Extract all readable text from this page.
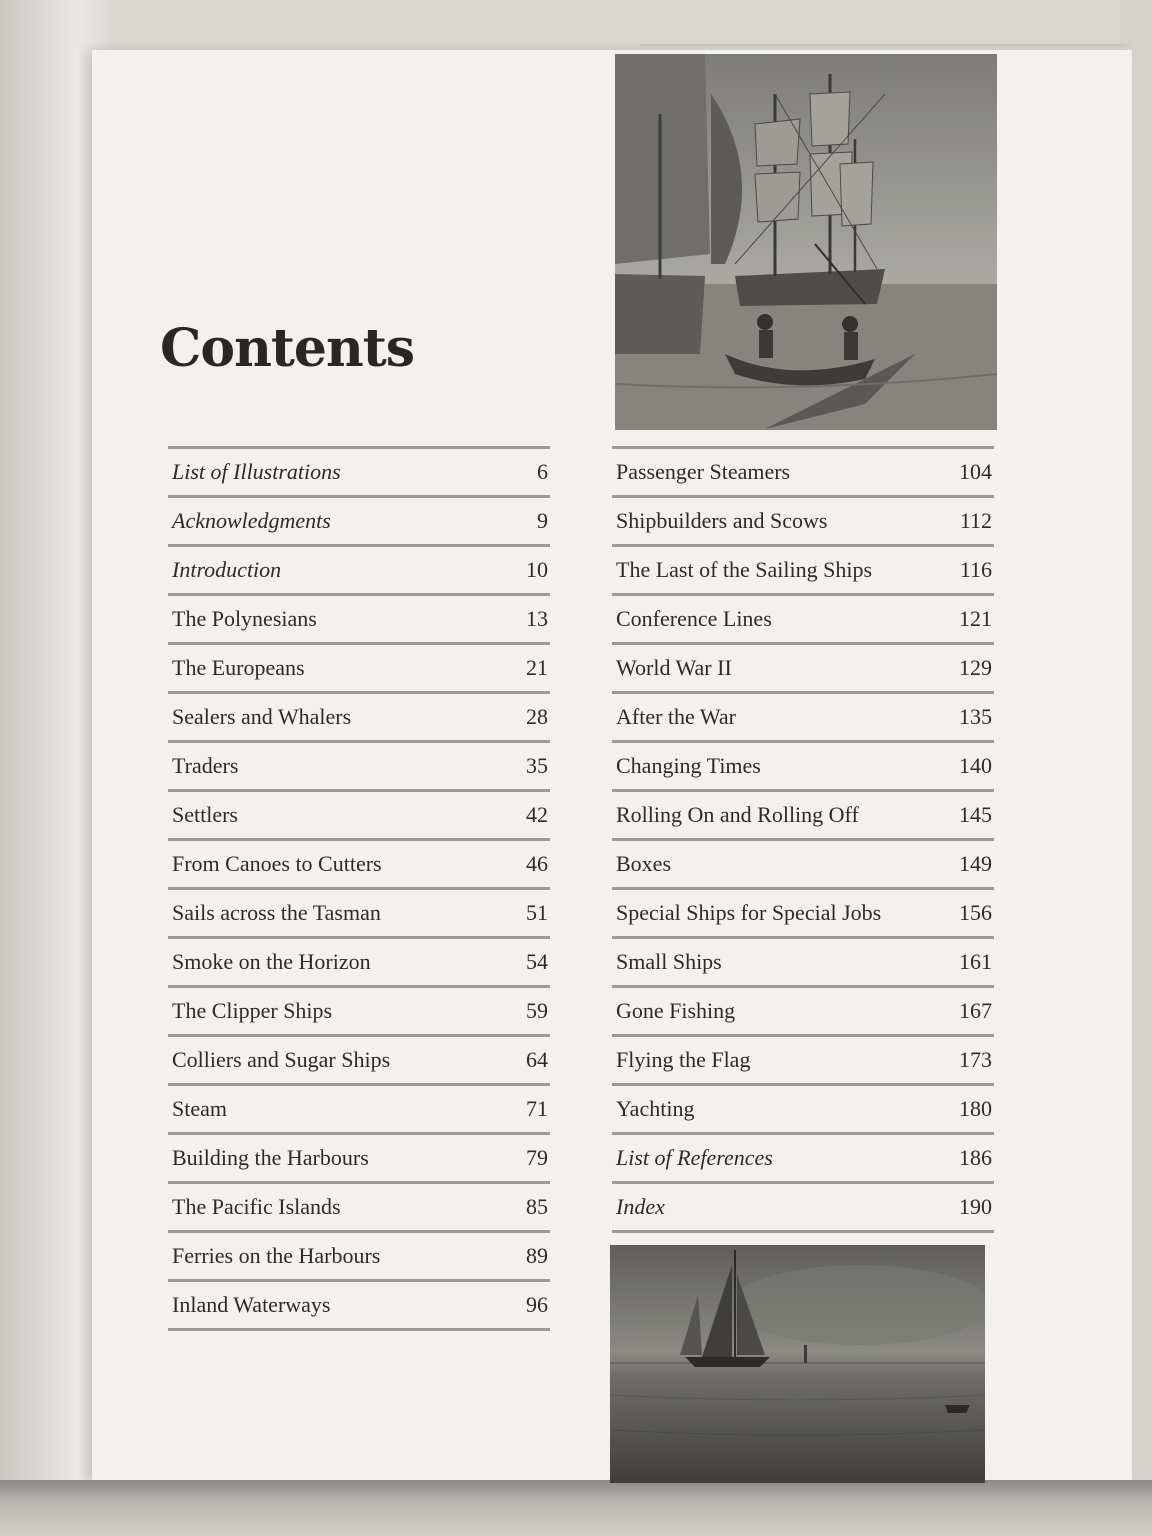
Contents
List of Illustrations	6
Acknowledgments	9
Introduction	10
The Polynesians	13
The Europeans	21
Sealers and Whalers	28
Traders	35
Settlers	42
From Canoes to Cutters	46
Sails across the Tasman	51
Smoke on the Horizon	54
The Clipper Ships	59
Colliers and Sugar Ships	64
Steam	71
Building the Harbours	79
The Pacific Islands	85
Ferries on the Harbours	89
Inland Waterways	96
Passenger Steamers	104
Shipbuilders and Scows	112
The Last of the Sailing Ships	116
Conference Lines	121
World War II	129
After the War	135
Changing Times	140
Rolling On and Rolling Off	145
Boxes	149
Special Ships for Special Jobs	156
Small Ships	161
Gone Fishing	167
Flying the Flag	173
Yachting	180
List of References	186
Index	190
